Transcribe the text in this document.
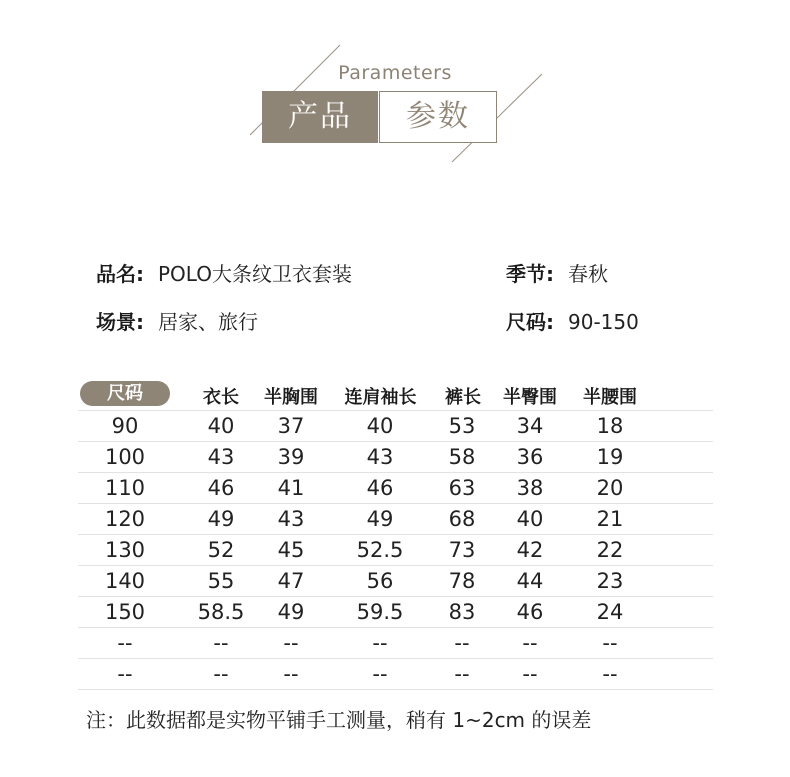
Parameters
产品	参数
品名: POLO大条纹卫衣套装	季节: 春秋
场景: 居家、旅行	尺码: 90-150
尺码	衣长	半胸围	连肩袖长	裤长	半臀围	半腰围
90	40	37	40	53	34	18
100	43	39	43	58	36	19
110	46	41	46	63	38	20
120	49	43	49	68	40	21
130	52	45	52.5	73	42	22
140	55	47	56	78	44	23
150	58.5	49	59.5	83	46	24
--	--	--	--	--	--	--
--	--	--	--	--	--	--
注：此数据都是实物平铺手工测量，稍有 1~2cm 的误差
